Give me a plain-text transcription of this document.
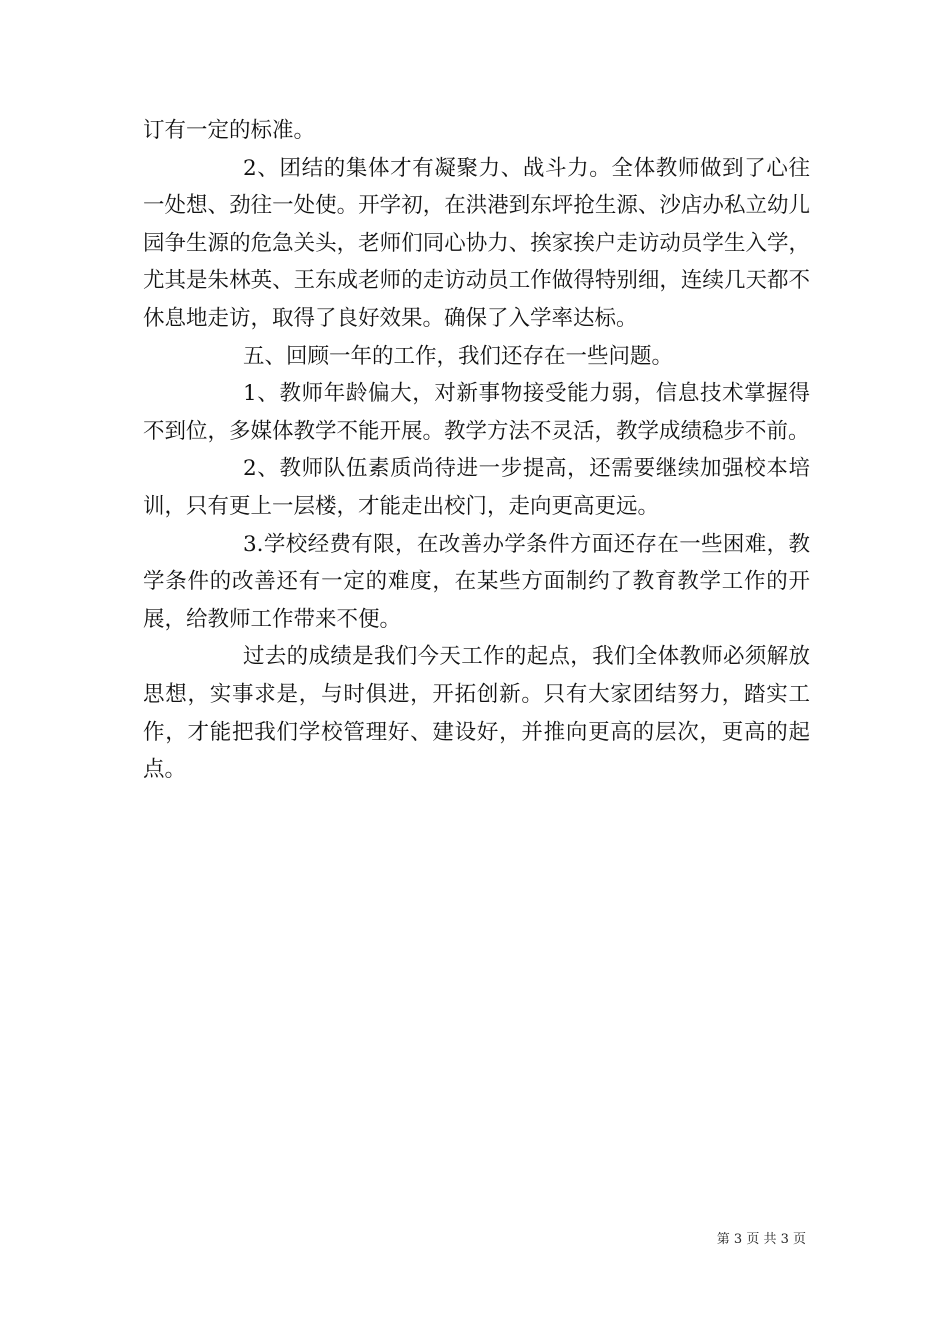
订有一定的标准。

2、团结的集体才有凝聚力、战斗力。全体教师做到了心往一处想、劲往一处使。开学初，在洪港到东坪抢生源、沙店办私立幼儿园争生源的危急关头，老师们同心协力、挨家挨户走访动员学生入学，尤其是朱林英、王东成老师的走访动员工作做得特别细，连续几天都不休息地走访，取得了良好效果。确保了入学率达标。

五、回顾一年的工作，我们还存在一些问题。

1、教师年龄偏大，对新事物接受能力弱，信息技术掌握得不到位，多媒体教学不能开展。教学方法不灵活，教学成绩稳步不前。

2、教师队伍素质尚待进一步提高，还需要继续加强校本培训，只有更上一层楼，才能走出校门，走向更高更远。

3.学校经费有限，在改善办学条件方面还存在一些困难，教学条件的改善还有一定的难度，在某些方面制约了教育教学工作的开展，给教师工作带来不便。

过去的成绩是我们今天工作的起点，我们全体教师必须解放思想，实事求是，与时俱进，开拓创新。只有大家团结努力，踏实工作，才能把我们学校管理好、建设好，并推向更高的层次，更高的起点。

第 3 页 共 3 页
